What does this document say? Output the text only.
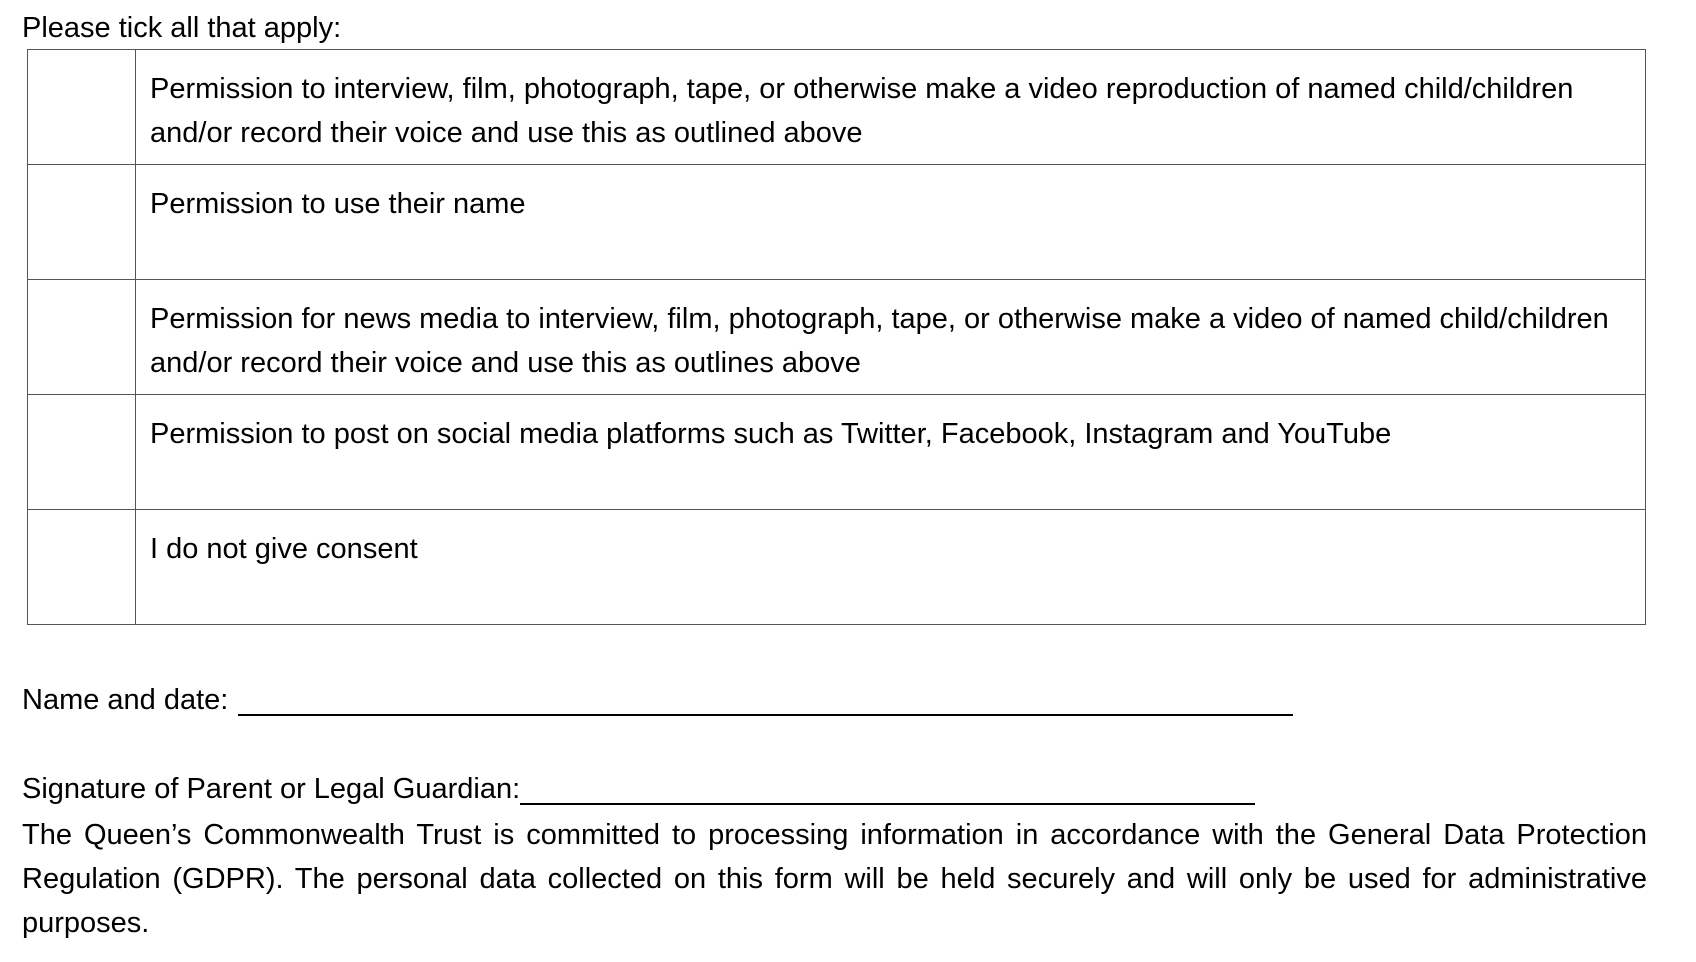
Please tick all that apply:
	Permission to interview, film, photograph, tape, or otherwise make a video reproduction of named child/children and/or record their voice and use this as outlined above

	Permission to use their name

	Permission for news media to interview, film, photograph, tape, or otherwise make a video of named child/children and/or record their voice and use this as outlines above

	Permission to post on social media platforms such as Twitter, Facebook, Instagram and YouTube

	I do not give consent
Name and date:
Signature of Parent or Legal Guardian:

The Queen’s Commonwealth Trust is committed to processing information in accordance with the General Data Protection Regulation (GDPR). The personal data collected on this form will be held securely and will only be used for administrative purposes.
